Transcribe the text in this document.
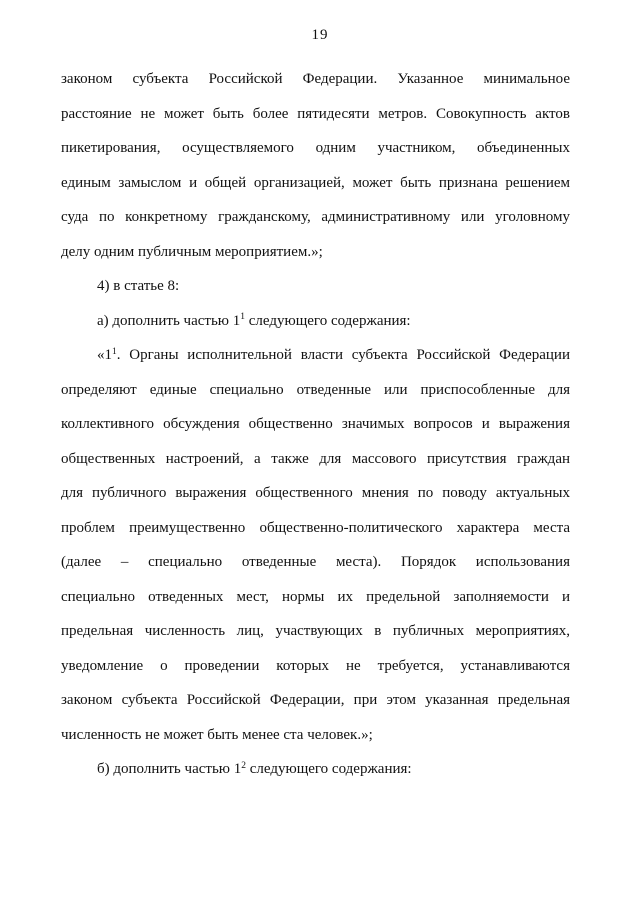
19
законом субъекта Российской Федерации. Указанное минимальное
расстояние не может быть более пятидесяти метров. Совокупность актов
пикетирования, осуществляемого одним участником, объединенных
единым замыслом и общей организацией, может быть признана решением
суда по конкретному гражданскому, административному или уголовному
делу одним публичным мероприятием.»;
4) в статье 8:
а) дополнить частью $1^1$ следующего содержания:
«$1^1$. Органы исполнительной власти субъекта Российской Федерации
определяют единые специально отведенные или приспособленные для
коллективного обсуждения общественно значимых вопросов и выражения
общественных настроений, а также для массового присутствия граждан
для публичного выражения общественного мнения по поводу актуальных
проблем преимущественно общественно-политического характера места
(далее – специально отведенные места). Порядок использования
специально отведенных мест, нормы их предельной заполняемости и
предельная численность лиц, участвующих в публичных мероприятиях,
уведомление о проведении которых не требуется, устанавливаются
законом субъекта Российской Федерации, при этом указанная предельная
численность не может быть менее ста человек.»;
б) дополнить частью $1^2$ следующего содержания:
